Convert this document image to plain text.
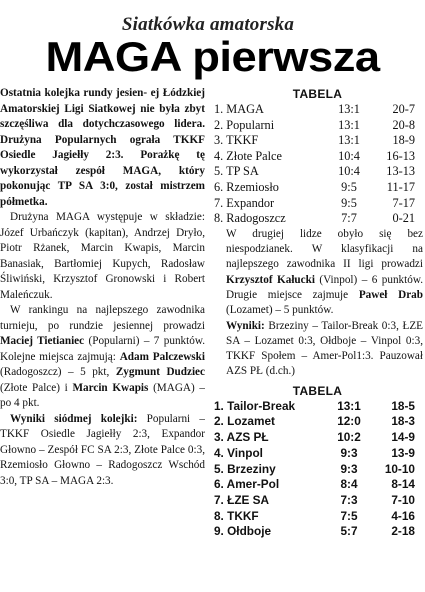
Siatkówka amatorska
MAGA pierwsza

Ostatnia kolejka rundy jesien- ej Łódzkiej Amatorskiej Ligi Siatkowej nie była zbyt szczęśliwa dla dotychczasowego lidera. Drużyna Popularnych ograła TKKF Osiedle Jagiełły 2:3. Porażkę tę wykorzystał zespół MAGA, który pokonując TP SA 3:0, został mistrzem półmetka.

Drużyna MAGA występuje w składzie: Józef Urbańczyk (kapitan), Andrzej Dryło, Piotr Rżanek, Marcin Kwapis, Marcin Banasiak, Bartłomiej Kupych, Radosław Śliwiński, Krzysztof Gronowski i Robert Maleńczuk.

W rankingu na najlepszego zawodnika turnieju, po rundzie jesiennej prowadzi Maciej Tietianiec (Popularni) – 7 punktów. Kolejne miejsca zajmują: Adam Palczewski (Radogoszcz) – 5 pkt, Zygmunt Dudziec (Złote Palce) i Marcin Kwapis (MAGA) – po 4 pkt.

Wyniki siódmej kolejki: Popularni – TKKF Osiedle Jagiełły 2:3, Expandor Głowno – Zespół FC SA 2:3, Złote Palce 0:3, Rzemiosło Głowno – Radogoszcz Wschód 3:0, TP SA – MAGA 2:3.

TABELA
1. MAGA	13:1	20-7
2. Popularni	13:1	20-8
3. TKKF	13:1	18-9
4. Złote Palce	10:4	16-13
5. TP SA	10:4	13-13
6. Rzemiosło	9:5	11-17
7. Expandor	9:5	7-17
8. Radogoszcz	7:7	0-21
W drugiej lidze obyło się bez niespodzianek. W klasyfikacji na najlepszego zawodnika II ligi prowadzi Krzysztof Kałucki (Vinpol) – 6 punktów. Drugie miejsce zajmuje Paweł Drab (Lozamet) – 5 punktów.
Wyniki: Brzeziny – Tailor-Break 0:3, ŁZE SA – Lozamet 0:3, Ołdboje – Vinpol 0:3, TKKF Społem – Amer-Pol1:3. Pauzował AZS PŁ (d.ch.)
TABELA
1. Tailor-Break	13:1	18-5
2. Lozamet	12:0	18-3
3. AZS PŁ	10:2	14-9
4. Vinpol	9:3	13-9
5. Brzeziny	9:3	10-10
6. Amer-Pol	8:4	8-14
7. ŁZE SA	7:3	7-10
8. TKKF	7:5	4-16
9. Ołdboje	5:7	2-18
